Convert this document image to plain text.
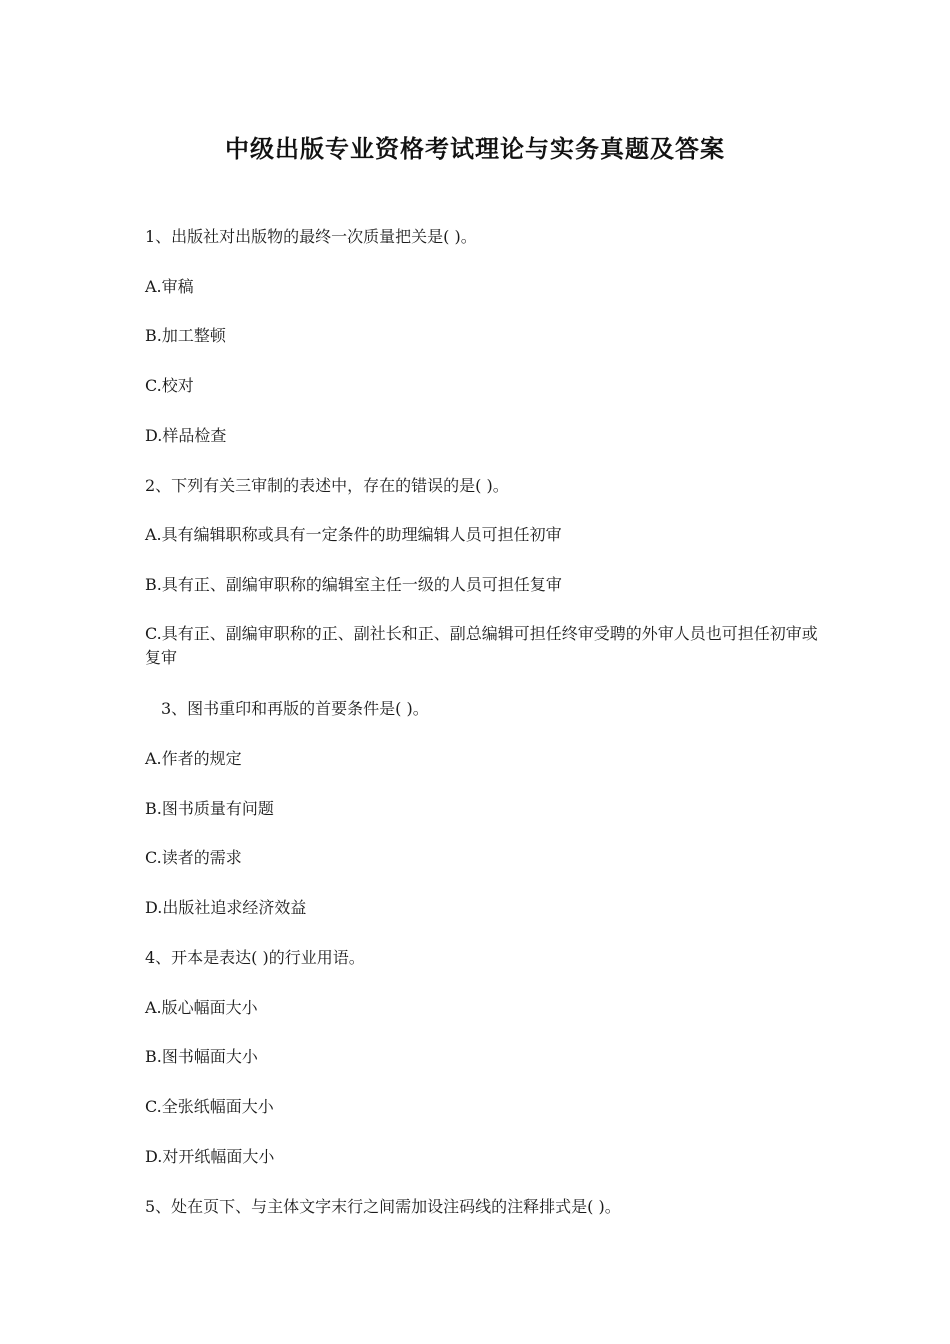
中级出版专业资格考试理论与实务真题及答案
1、出版社对出版物的最终一次质量把关是( )。
A.审稿
B.加工整顿
C.校对
D.样品检查
2、下列有关三审制的表述中，存在的错误的是( )。
A.具有编辑职称或具有一定条件的助理编辑人员可担任初审
B.具有正、副编审职称的编辑室主任一级的人员可担任复审
C.具有正、副编审职称的正、副社长和正、副总编辑可担任终审受聘的外审人员也可担任初审或复审
3、图书重印和再版的首要条件是( )。
A.作者的规定
B.图书质量有问题
C.读者的需求
D.出版社追求经济效益
4、开本是表达( )的行业用语。
A.版心幅面大小
B.图书幅面大小
C.全张纸幅面大小
D.对开纸幅面大小
5、处在页下、与主体文字末行之间需加设注码线的注释排式是( )。
